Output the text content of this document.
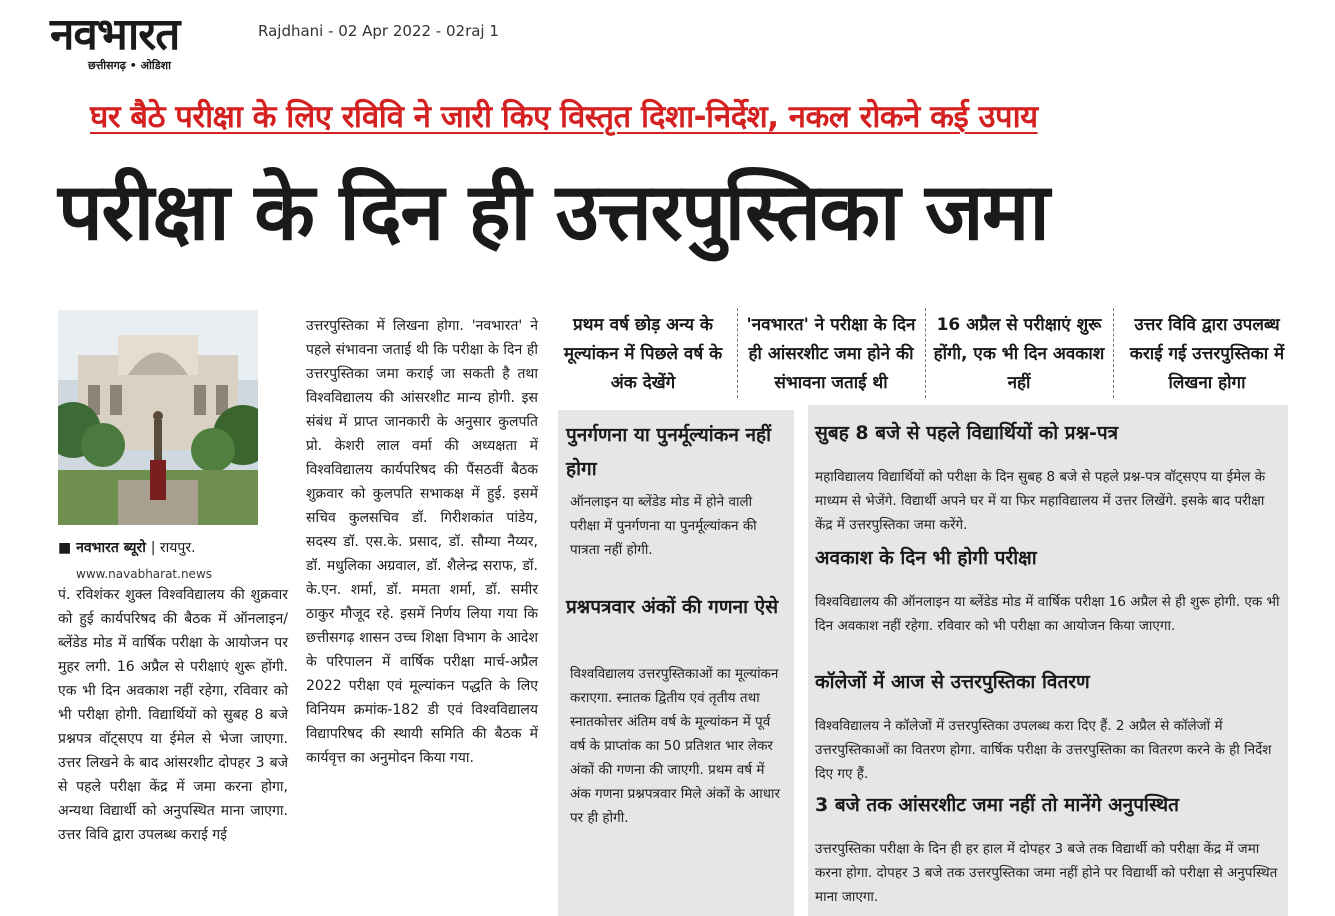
नवभारत
छत्तीसगढ़ • ओडिशा
Rajdhani - 02 Apr 2022 - 02raj 1
घर बैठे परीक्षा के लिए रविवि ने जारी किए विस्तृत दिशा-निर्देश, नकल रोकने कई उपाय
परीक्षा के दिन ही उत्तरपुस्तिका जमा
■ नवभारत ब्यूरो | रायपुर.
www.navabharat.news
पं. रविशंकर शुक्ल विश्वविद्यालय की शुक्रवार को हुई कार्यपरिषद की बैठक में ऑनलाइन/ ब्लेंडेड मोड में वार्षिक परीक्षा के आयोजन पर मुहर लगी. 16 अप्रैल से परीक्षाएं शुरू होंगी. एक भी दिन अवकाश नहीं रहेगा, रविवार को भी परीक्षा होगी. विद्यार्थियों को सुबह 8 बजे प्रश्नपत्र वॉट्सएप या ईमेल से भेजा जाएगा. उत्तर लिखने के बाद आंसरशीट दोपहर 3 बजे से पहले परीक्षा केंद्र में जमा करना होगा, अन्यथा विद्यार्थी को अनुपस्थित माना जाएगा. उत्तर विवि द्वारा उपलब्ध कराई गई
उत्तरपुस्तिका में लिखना होगा. 'नवभारत' ने पहले संभावना जताई थी कि परीक्षा के दिन ही उत्तरपुस्तिका जमा कराई जा सकती है तथा विश्वविद्यालय की आंसरशीट मान्य होगी. इस संबंध में प्राप्त जानकारी के अनुसार कुलपति प्रो. केशरी लाल वर्मा की अध्यक्षता में विश्वविद्यालय कार्यपरिषद की पैंसठवीं बैठक शुक्रवार को कुलपति सभाकक्ष में हुई. इसमें सचिव कुलसचिव डॉ. गिरीशकांत पांडेय, सदस्य डॉ. एस.के. प्रसाद, डॉ. सौम्या नैय्यर, डॉ. मधुलिका अग्रवाल, डॉ. शैलेन्द्र सराफ, डॉ. के.एन. शर्मा, डॉ. ममता शर्मा, डॉ. समीर ठाकुर मौजूद रहे. इसमें निर्णय लिया गया कि छत्तीसगढ़ शासन उच्च शिक्षा विभाग के आदेश के परिपालन में वार्षिक परीक्षा मार्च-अप्रैल 2022 परीक्षा एवं मूल्यांकन पद्धति के लिए विनियम क्रमांक-182 डी एवं विश्वविद्यालय विद्यापरिषद की स्थायी समिति की बैठक में कार्यवृत्त का अनुमोदन किया गया.
प्रथम वर्ष छोड़ अन्य के मूल्यांकन में पिछले वर्ष के अंक देखेंगे
'नवभारत' ने परीक्षा के दिन ही आंसरशीट जमा होने की संभावना जताई थी
16 अप्रैल से परीक्षाएं शुरू होंगी, एक भी दिन अवकाश नहीं
उत्तर विवि द्वारा उपलब्ध कराई गई उत्तरपुस्तिका में लिखना होगा
पुनर्गणना या पुनर्मूल्यांकन नहीं होगा
ऑनलाइन या ब्लेंडेड मोड में होने वाली परीक्षा में पुनर्गणना या पुनर्मूल्यांकन की पात्रता नहीं होगी.
प्रश्नपत्रवार अंकों की गणना ऐसे
विश्वविद्यालय उत्तरपुस्तिकाओं का मूल्यांकन कराएगा. स्नातक द्वितीय एवं तृतीय तथा स्नातकोत्तर अंतिम वर्ष के मूल्यांकन में पूर्व वर्ष के प्राप्तांक का 50 प्रतिशत भार लेकर अंकों की गणना की जाएगी. प्रथम वर्ष में अंक गणना प्रश्नपत्रवार मिले अंकों के आधार पर ही होगी.
सुबह 8 बजे से पहले विद्यार्थियों को प्रश्न-पत्र
महाविद्यालय विद्यार्थियों को परीक्षा के दिन सुबह 8 बजे से पहले प्रश्न-पत्र वॉट्सएप या ईमेल के माध्यम से भेजेंगे. विद्यार्थी अपने घर में या फिर महाविद्यालय में उत्तर लिखेंगे. इसके बाद परीक्षा केंद्र में उत्तरपुस्तिका जमा करेंगे.
अवकाश के दिन भी होगी परीक्षा
विश्वविद्यालय की ऑनलाइन या ब्लेंडेड मोड में वार्षिक परीक्षा 16 अप्रैल से ही शुरू होगी. एक भी दिन अवकाश नहीं रहेगा. रविवार को भी परीक्षा का आयोजन किया जाएगा.
कॉलेजों में आज से उत्तरपुस्तिका वितरण
विश्वविद्यालय ने कॉलेजों में उत्तरपुस्तिका उपलब्ध करा दिए हैं. 2 अप्रैल से कॉलेजों में उत्तरपुस्तिकाओं का वितरण होगा. वार्षिक परीक्षा के उत्तरपुस्तिका का वितरण करने के ही निर्देश दिए गए हैं.
3 बजे तक आंसरशीट जमा नहीं तो मानेंगे अनुपस्थित
उत्तरपुस्तिका परीक्षा के दिन ही हर हाल में दोपहर 3 बजे तक विद्यार्थी को परीक्षा केंद्र में जमा करना होगा. दोपहर 3 बजे तक उत्तरपुस्तिका जमा नहीं होने पर विद्यार्थी को परीक्षा से अनुपस्थित माना जाएगा.
